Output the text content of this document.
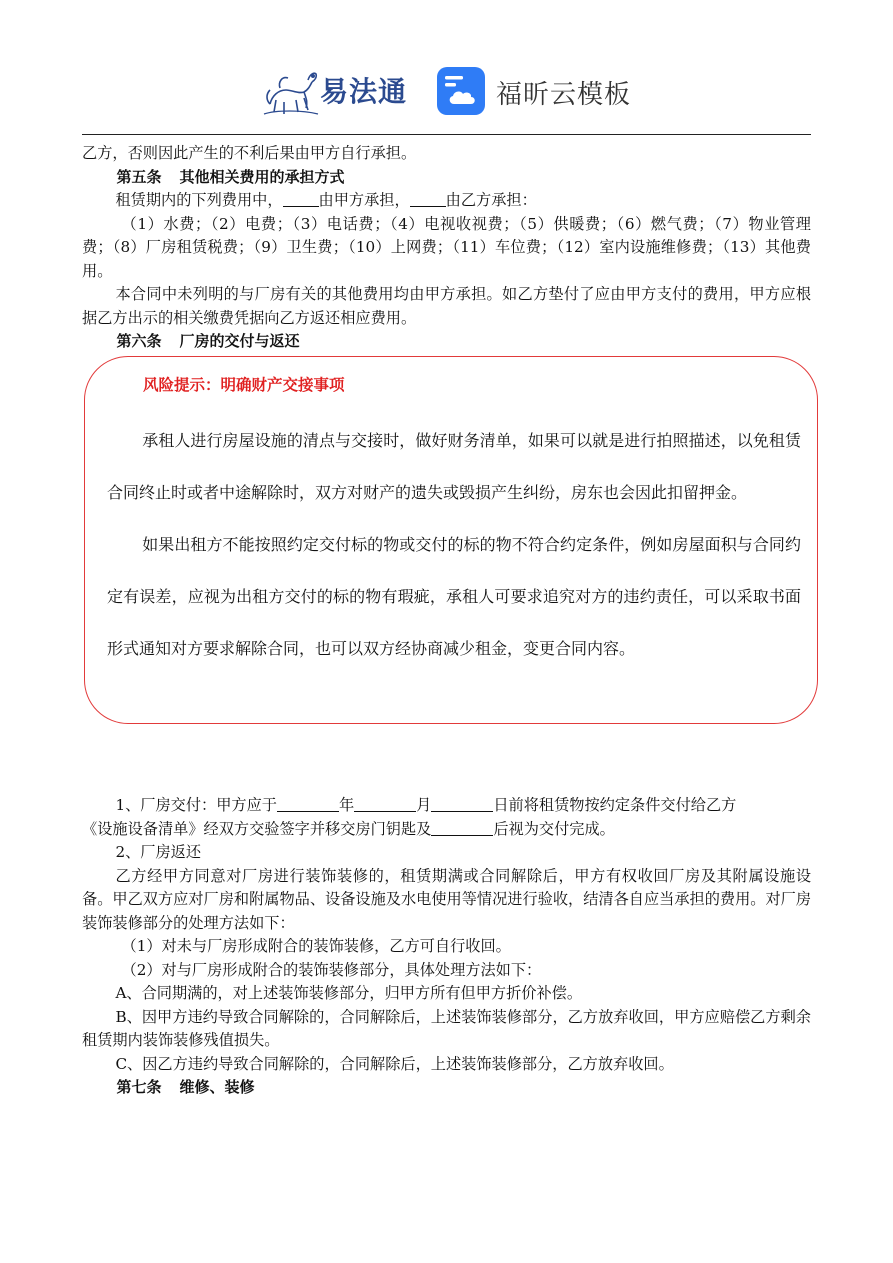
易法通	福昕云模板

乙方，否则因此产生的不利后果由甲方自行承担。

第五条 其他相关费用的承担方式

租赁期内的下列费用中， 由甲方承担， 由乙方承担：

（1）水费；（2）电费；（3）电话费；（4）电视收视费；（5）供暖费；（6）燃气费；（7）物业管理费；（8）厂房租赁税费；（9）卫生费；（10）上网费；（11）车位费；（12）室内设施维修费；（13）其他费用。

本合同中未列明的与厂房有关的其他费用均由甲方承担。如乙方垫付了应由甲方支付的费用，甲方应根据乙方出示的相关缴费凭据向乙方返还相应费用。

第六条 厂房的交付与返还

风险提示：明确财产交接事项

承租人进行房屋设施的清点与交接时，做好财务清单，如果可以就是进行拍照描述，以免租赁合同终止时或者中途解除时，双方对财产的遗失或毁损产生纠纷，房东也会因此扣留押金。

如果出租方不能按照约定交付标的物或交付的标的物不符合约定条件，例如房屋面积与合同约定有误差，应视为出租方交付的标的物有瑕疵，承租人可要求追究对方的违约责任，可以采取书面形式通知对方要求解除合同，也可以双方经协商减少租金，变更合同内容。

1、厂房交付：甲方应于	年	月	日前将租赁物按约定条件交付给乙方

《设施设备清单》经双方交验签字并移交房门钥匙及	后视为交付完成。

2、厂房返还

乙方经甲方同意对厂房进行装饰装修的，租赁期满或合同解除后，甲方有权收回厂房及其附属设施设备。甲乙双方应对厂房和附属物品、设备设施及水电使用等情况进行验收，结清各自应当承担的费用。对厂房装饰装修部分的处理方法如下：

（1）对未与厂房形成附合的装饰装修，乙方可自行收回。

（2）对与厂房形成附合的装饰装修部分，具体处理方法如下：

A、合同期满的，对上述装饰装修部分，归甲方所有但甲方折价补偿。

B、因甲方违约导致合同解除的，合同解除后，上述装饰装修部分，乙方放弃收回，甲方应赔偿乙方剩余租赁期内装饰装修残值损失。

C、因乙方违约导致合同解除的，合同解除后，上述装饰装修部分，乙方放弃收回。

第七条 维修、装修
